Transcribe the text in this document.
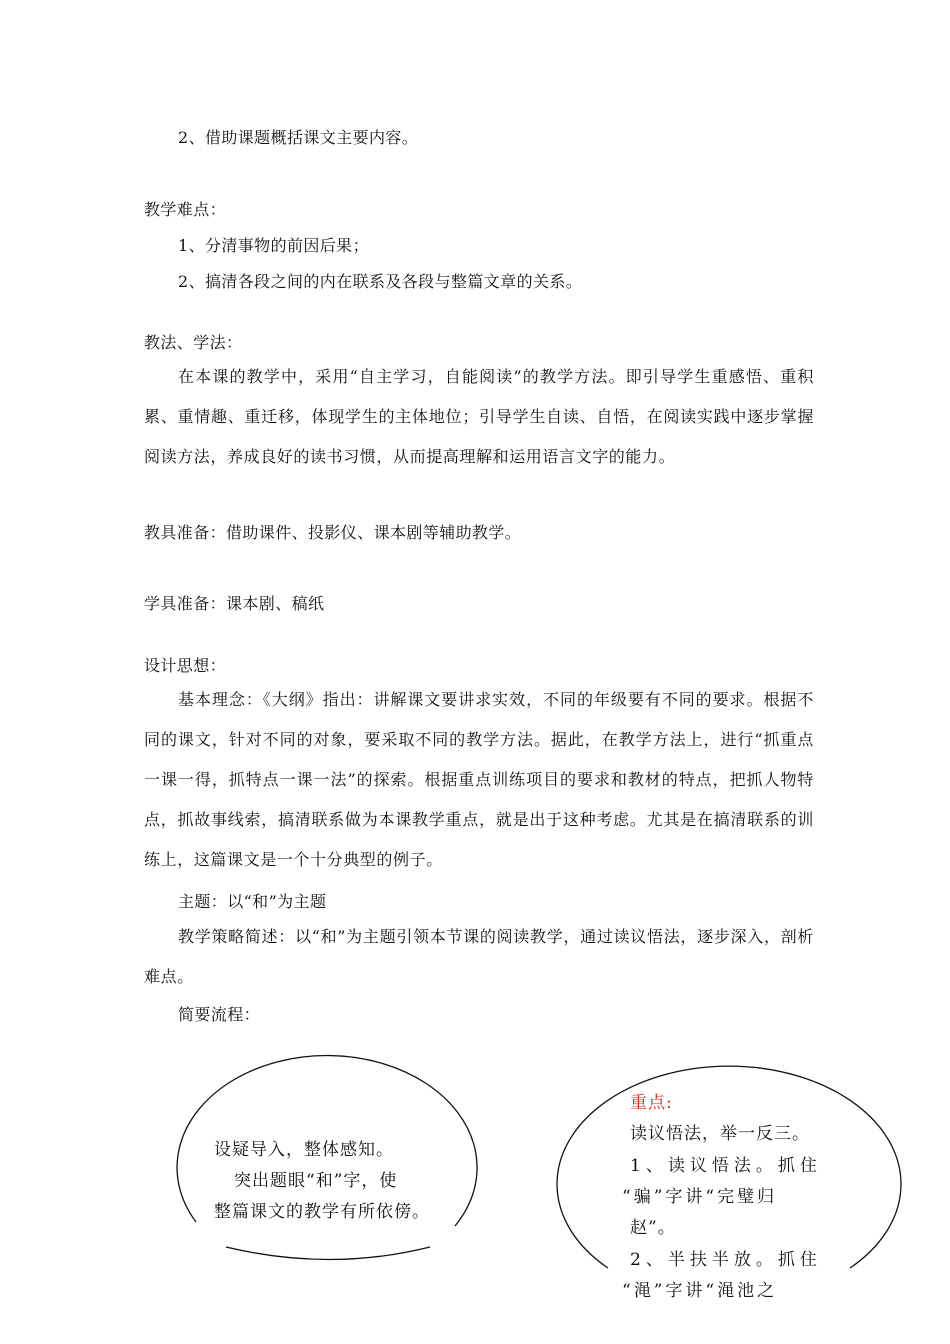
2、借助课题概括课文主要内容。
教学难点：
1、分清事物的前因后果；
2、搞清各段之间的内在联系及各段与整篇文章的关系。
教法、学法：

在本课的教学中，采用“自主学习，自能阅读”的教学方法。即引导学生重感悟、重积累、重情趣、重迁移，体现学生的主体地位；引导学生自读、自悟，在阅读实践中逐步掌握阅读方法，养成良好的读书习惯，从而提高理解和运用语言文字的能力。

教具准备：借助课件、投影仪、课本剧等辅助教学。
学具准备：课本剧、稿纸
设计思想：

基本理念：《大纲》指出：讲解课文要讲求实效，不同的年级要有不同的要求。根据不同的课文，针对不同的对象，要采取不同的教学方法。据此，在教学方法上，进行“抓重点一课一得，抓特点一课一法”的探索。根据重点训练项目的要求和教材的特点，把抓人物特点，抓故事线索，搞清联系做为本课教学重点，就是出于这种考虑。尤其是在搞清联系的训练上，这篇课文是一个十分典型的例子。

主题：以“和”为主题

教学策略简述：以“和”为主题引领本节课的阅读教学，通过读议悟法，逐步深入，剖析难点。

简要流程：
设疑导入，整体感知。
突出题眼“和”字，使
整篇课文的教学有所依傍。
重点:
读议悟法，举一反三。
1、读议悟法。抓住
“骗”字讲“完璧归
赵”。
2、半扶半放。抓住
“渑”字讲“渑池之
